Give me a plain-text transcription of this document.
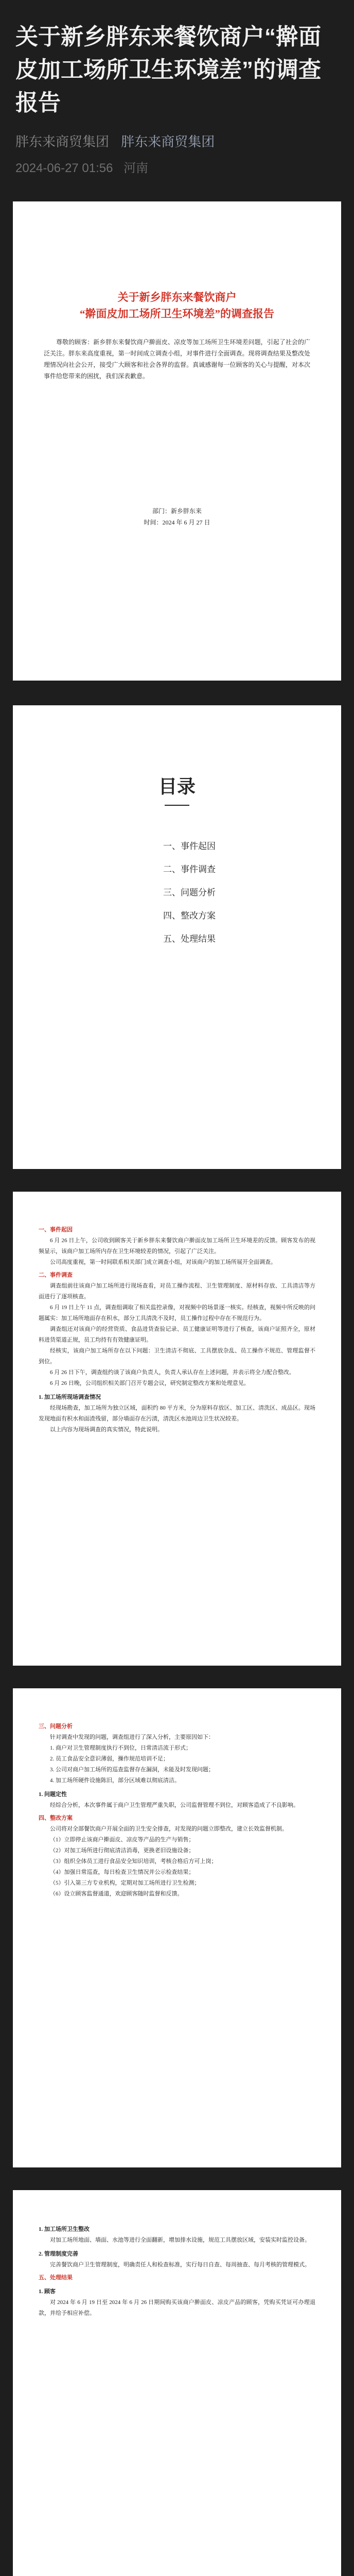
关于新乡胖东来餐饮商户“擀面皮加工场所卫生环境差”的调查报告
胖东来商贸集团 胖东来商贸集团
2024-06-27 01:56 河南
关于新乡胖东来餐饮商户
“擀面皮加工场所卫生环境差”的调查报告

尊敬的顾客：新乡胖东来餐饮商户擀面皮、凉皮等加工场所卫生环境差问题，引起了社会的广泛关注。胖东来高度重视，第一时间成立调查小组，对事件进行全面调查。现将调查结果及整改处理情况向社会公开，接受广大顾客和社会各界的监督。真诚感谢每一位顾客的关心与提醒，对本次事件给您带来的困扰，我们深表歉意。

部门：新乡胖东来
时间：2024 年 6 月 27 日
目录
一、事件起因
二、事件调查
三、问题分析
四、整改方案
五、处理结果
一、事件起因

6 月 26 日上午，公司收到顾客关于新乡胖东来餐饮商户擀面皮加工场所卫生环境差的反馈。顾客发布的视频显示，该商户加工场所内存在卫生环境较差的情况，引起了广泛关注。

公司高度重视，第一时间联系相关部门成立调查小组，对该商户的加工场所展开全面调查。

二、事件调查

调查组前往该商户加工场所进行现场查看，对员工操作流程、卫生管理制度、原材料存放、工具清洁等方面进行了逐项核查。

6 月 19 日上午 11 点，调查组调取了相关监控录像，对视频中的场景逐一核实。经核查，视频中所反映的问题属实：加工场所地面存在积水，部分工具清洗不及时，员工操作过程中存在不规范行为。

调查组还对该商户的经营资质、食品进货查验记录、员工健康证明等进行了核查，该商户证照齐全，原材料进货渠道正规，员工均持有有效健康证明。

经核实，该商户加工场所存在以下问题：卫生清洁不彻底、工具摆放杂乱、员工操作不规范、管理监督不到位。

6 月 26 日下午，调查组约谈了该商户负责人，负责人承认存在上述问题，并表示将全力配合整改。

6 月 26 日晚，公司组织相关部门召开专题会议，研究制定整改方案和处理意见。

1. 加工场所现场调查情况

经现场勘查，加工场所为独立区域，面积约 80 平方米，分为原料存放区、加工区、清洗区、成品区。现场发现地面有积水和面渣残留，部分墙面存在污渍，清洗区水池周边卫生状况较差。

以上内容为现场调查的真实情况，特此说明。

三、问题分析

针对调查中发现的问题，调查组进行了深入分析，主要原因如下：

1. 商户对卫生管理制度执行不到位，日常清洁流于形式；

2. 员工食品安全意识薄弱，操作规范培训不足；

3. 公司对商户加工场所的巡查监督存在漏洞，未能及时发现问题；

4. 加工场所硬件设施陈旧，部分区域难以彻底清洁。

1. 问题定性

经综合分析，本次事件属于商户卫生管理严重失职，公司监督管理不到位，对顾客造成了不良影响。

四、整改方案

公司将对全部餐饮商户开展全面的卫生安全排查，对发现的问题立即整改，建立长效监督机制。

（1）立即停止该商户擀面皮、凉皮等产品的生产与销售；

（2）对加工场所进行彻底清洁消毒，更换老旧设施设备；

（3）组织全体员工进行食品安全知识培训，考核合格后方可上岗；

（4）加强日常巡查，每日检查卫生情况并公示检查结果；

（5）引入第三方专业机构，定期对加工场所进行卫生检测；

（6）设立顾客监督通道，欢迎顾客随时监督和反馈。

1. 加工场所卫生整改

对加工场所地面、墙面、水池等进行全面翻新，增加排水设施，规范工具摆放区域，安装实时监控设备。

2. 管理制度完善

完善餐饮商户卫生管理制度，明确责任人和检查标准，实行每日自查、每周抽查、每月考核的管理模式。

五、处理结果
1. 顾客

对 2024 年 6 月 19 日至 2024 年 6 月 26 日期间购买该商户擀面皮、凉皮产品的顾客，凭购买凭证可办理退款，并给予相应补偿。
